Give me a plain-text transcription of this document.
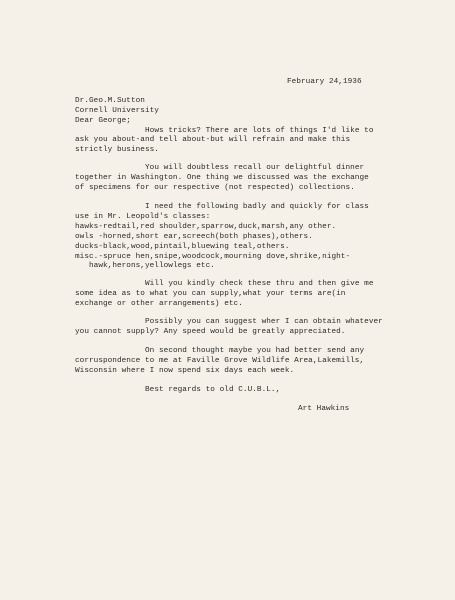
February 24,1936
Dr.Geo.M.Sutton
Cornell University
Dear George;
Hows tricks? There are lots of things I'd like to
ask you about-and tell about-but will refrain and make this
strictly business.
You will doubtless recall our delightful dinner
together in Washington. One thing we discussed was the exchange
of specimens for our respective (not respected) collections.
I need the following badly and quickly for class
use in Mr. Leopold's classes:
hawks-redtail,red shoulder,sparrow,duck,marsh,any other.
owls -horned,short ear,screech(both phases),others.
ducks-black,wood,pintail,bluewing teal,others.
misc.-spruce hen,snipe,woodcock,mourning dove,shrike,night-
hawk,herons,yellowlegs etc.
Will you kindly check these thru and then give me
some idea as to what you can supply,what your terms are(in
exchange or other arrangements) etc.
Possibly you can suggest wher I can obtain whatever
you cannot supply? Any speed would be greatly appreciated.
On second thought maybe you had better send any
corruspondence to me at Faville Grove Wildlife Area,Lakemills,
Wisconsin where I now spend six days each week.
Best regards to old C.U.B.L.,
Art Hawkins
